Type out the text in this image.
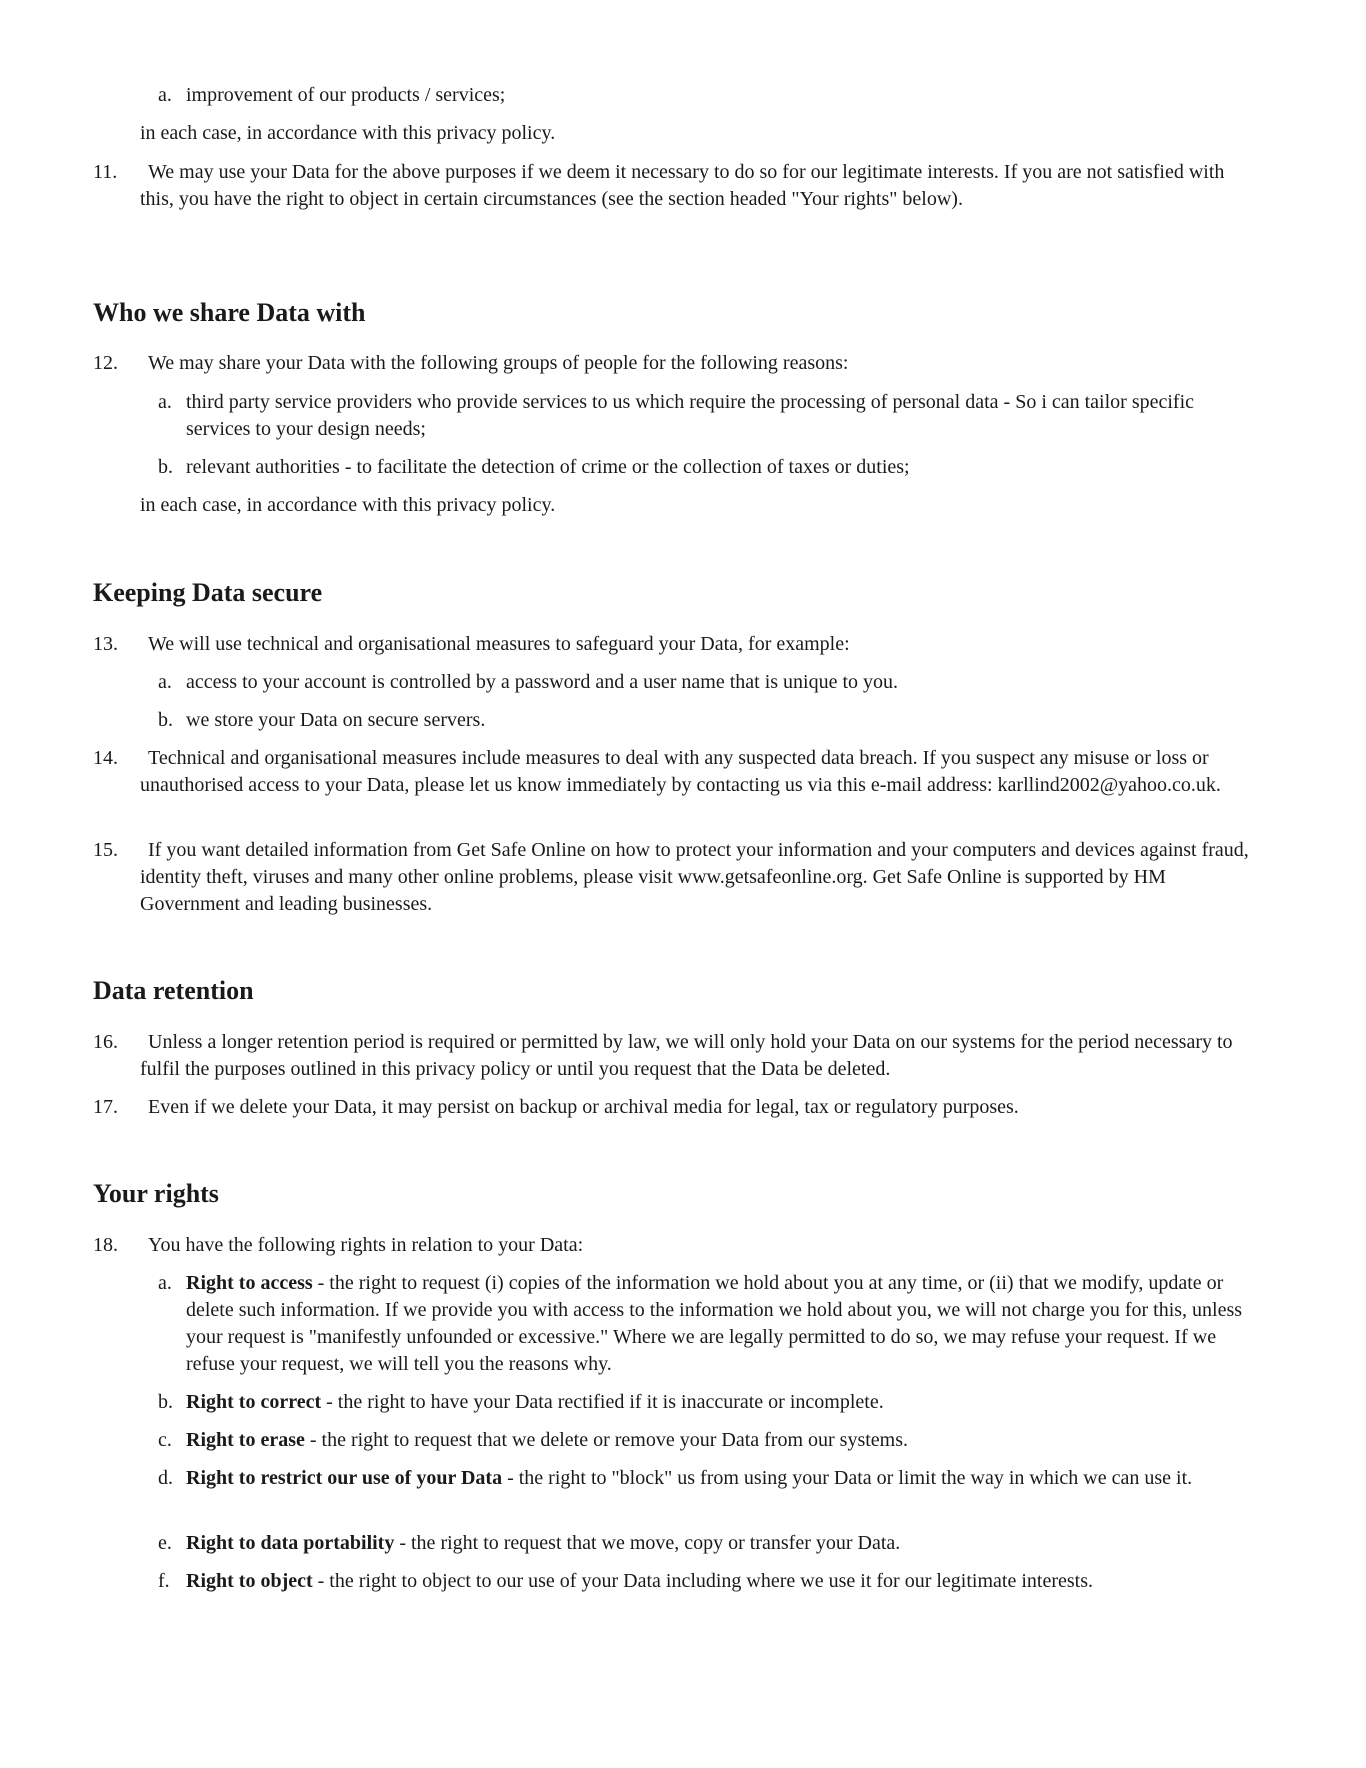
a. improvement of our products / services;
in each case, in accordance with this privacy policy.
11.	We may use your Data for the above purposes if we deem it necessary to do so for our legitimate interests. If you are not satisfied with this, you have the right to object in certain circumstances (see the section headed "Your rights" below).
Who we share Data with
12.	We may share your Data with the following groups of people for the following reasons:
a. third party service providers who provide services to us which require the processing of personal data - So i can tailor specific services to your design needs;
b. relevant authorities - to facilitate the detection of crime or the collection of taxes or duties;
in each case, in accordance with this privacy policy.
Keeping Data secure
13.	We will use technical and organisational measures to safeguard your Data, for example:
a. access to your account is controlled by a password and a user name that is unique to you.
b. we store your Data on secure servers.
14.	Technical and organisational measures include measures to deal with any suspected data breach. If you suspect any misuse or loss or unauthorised access to your Data, please let us know immediately by contacting us via this e-mail address: karllind2002@yahoo.co.uk.
15.	If you want detailed information from Get Safe Online on how to protect your information and your computers and devices against fraud, identity theft, viruses and many other online problems, please visit www.getsafeonline.org. Get Safe Online is supported by HM Government and leading businesses.
Data retention
16.	Unless a longer retention period is required or permitted by law, we will only hold your Data on our systems for the period necessary to fulfil the purposes outlined in this privacy policy or until you request that the Data be deleted.
17.	Even if we delete your Data, it may persist on backup or archival media for legal, tax or regulatory purposes.
Your rights
18.	You have the following rights in relation to your Data:
a. Right to access - the right to request (i) copies of the information we hold about you at any time, or (ii) that we modify, update or delete such information. If we provide you with access to the information we hold about you, we will not charge you for this, unless your request is "manifestly unfounded or excessive." Where we are legally permitted to do so, we may refuse your request. If we refuse your request, we will tell you the reasons why.
b. Right to correct - the right to have your Data rectified if it is inaccurate or incomplete.
c. Right to erase - the right to request that we delete or remove your Data from our systems.
d. Right to restrict our use of your Data - the right to "block" us from using your Data or limit the way in which we can use it.
e. Right to data portability - the right to request that we move, copy or transfer your Data.
f. Right to object - the right to object to our use of your Data including where we use it for our legitimate interests.
